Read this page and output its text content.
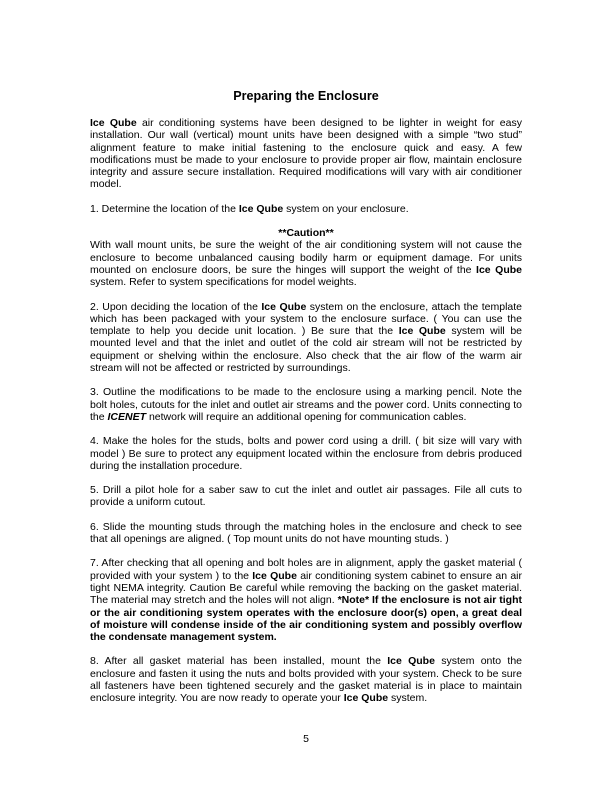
Preparing the Enclosure

Ice Qube air conditioning systems have been designed to be lighter in weight for easy installation. Our wall (vertical) mount units have been designed with a simple “two stud” alignment feature to make initial fastening to the enclosure quick and easy. A few modifications must be made to your enclosure to provide proper air flow, maintain enclosure integrity and assure secure installation. Required modifications will vary with air conditioner model.

1. Determine the location of the Ice Qube system on your enclosure.

**Caution**

With wall mount units, be sure the weight of the air conditioning system will not cause the enclosure to become unbalanced causing bodily harm or equipment damage. For units mounted on enclosure doors, be sure the hinges will support the weight of the Ice Qube system. Refer to system specifications for model weights.

2. Upon deciding the location of the Ice Qube system on the enclosure, attach the template which has been packaged with your system to the enclosure surface. ( You can use the template to help you decide unit location. ) Be sure that the Ice Qube system will be mounted level and that the inlet and outlet of the cold air stream will not be restricted by equipment or shelving within the enclosure. Also check that the air flow of the warm air stream will not be affected or restricted by surroundings.

3. Outline the modifications to be made to the enclosure using a marking pencil. Note the bolt holes, cutouts for the inlet and outlet air streams and the power cord. Units connecting to the ICENET network will require an additional opening for communication cables.

4. Make the holes for the studs, bolts and power cord using a drill. ( bit size will vary with model ) Be sure to protect any equipment located within the enclosure from debris produced during the installation procedure.

5. Drill a pilot hole for a saber saw to cut the inlet and outlet air passages. File all cuts to provide a uniform cutout.

6. Slide the mounting studs through the matching holes in the enclosure and check to see that all openings are aligned. ( Top mount units do not have mounting studs. )

7. After checking that all opening and bolt holes are in alignment, apply the gasket material ( provided with your system ) to the Ice Qube air conditioning system cabinet to ensure an air tight NEMA integrity. Caution Be careful while removing the backing on the gasket material. The material may stretch and the holes will not align. *Note* If the enclosure is not air tight or the air conditioning system operates with the enclosure door(s) open, a great deal of moisture will condense inside of the air conditioning system and possibly overflow the condensate management system.

8. After all gasket material has been installed, mount the Ice Qube system onto the enclosure and fasten it using the nuts and bolts provided with your system. Check to be sure all fasteners have been tightened securely and the gasket material is in place to maintain enclosure integrity. You are now ready to operate your Ice Qube system.

5
